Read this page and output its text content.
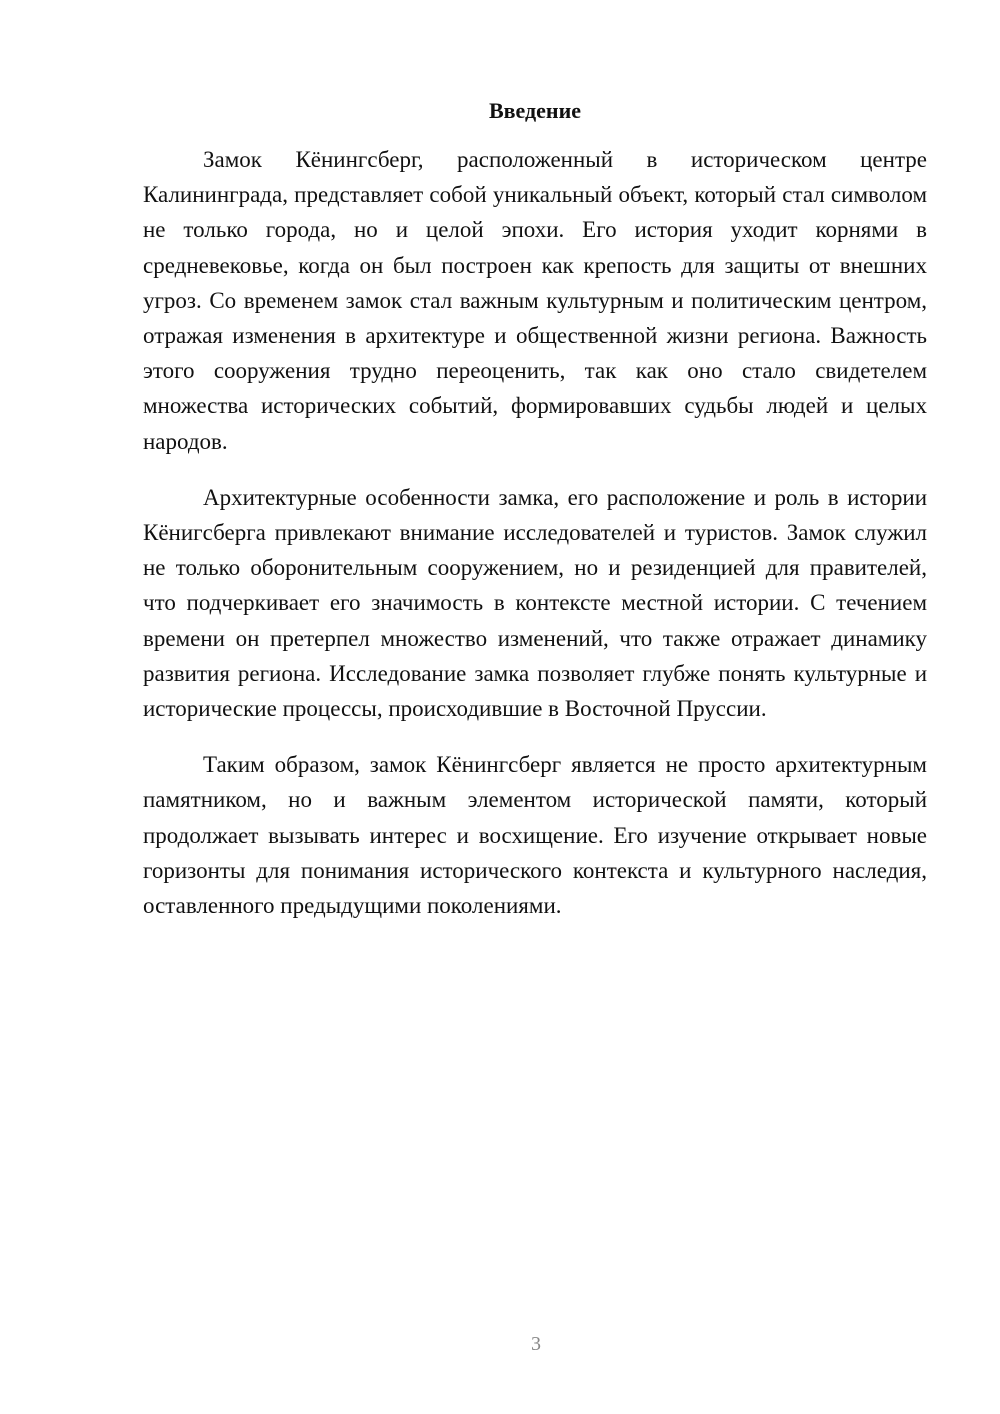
Введение

Замок Кёнингсберг, расположенный в историческом центре Калининграда, представляет собой уникальный объект, который стал символом не только города, но и целой эпохи. Его история уходит корнями в средневековье, когда он был построен как крепость для защиты от внешних угроз. Со временем замок стал важным культурным и политическим центром, отражая изменения в архитектуре и общественной жизни региона. Важность этого сооружения трудно переоценить, так как оно стало свидетелем множества исторических событий, формировавших судьбы людей и целых народов.

Архитектурные особенности замка, его расположение и роль в истории Кёнигсберга привлекают внимание исследователей и туристов. Замок служил не только оборонительным сооружением, но и резиденцией для правителей, что подчеркивает его значимость в контексте местной истории. С течением времени он претерпел множество изменений, что также отражает динамику развития региона. Исследование замка позволяет глубже понять культурные и исторические процессы, происходившие в Восточной Пруссии.

Таким образом, замок Кёнингсберг является не просто архитектурным памятником, но и важным элементом исторической памяти, который продолжает вызывать интерес и восхищение. Его изучение открывает новые горизонты для понимания исторического контекста и культурного наследия, оставленного предыдущими поколениями.

3
